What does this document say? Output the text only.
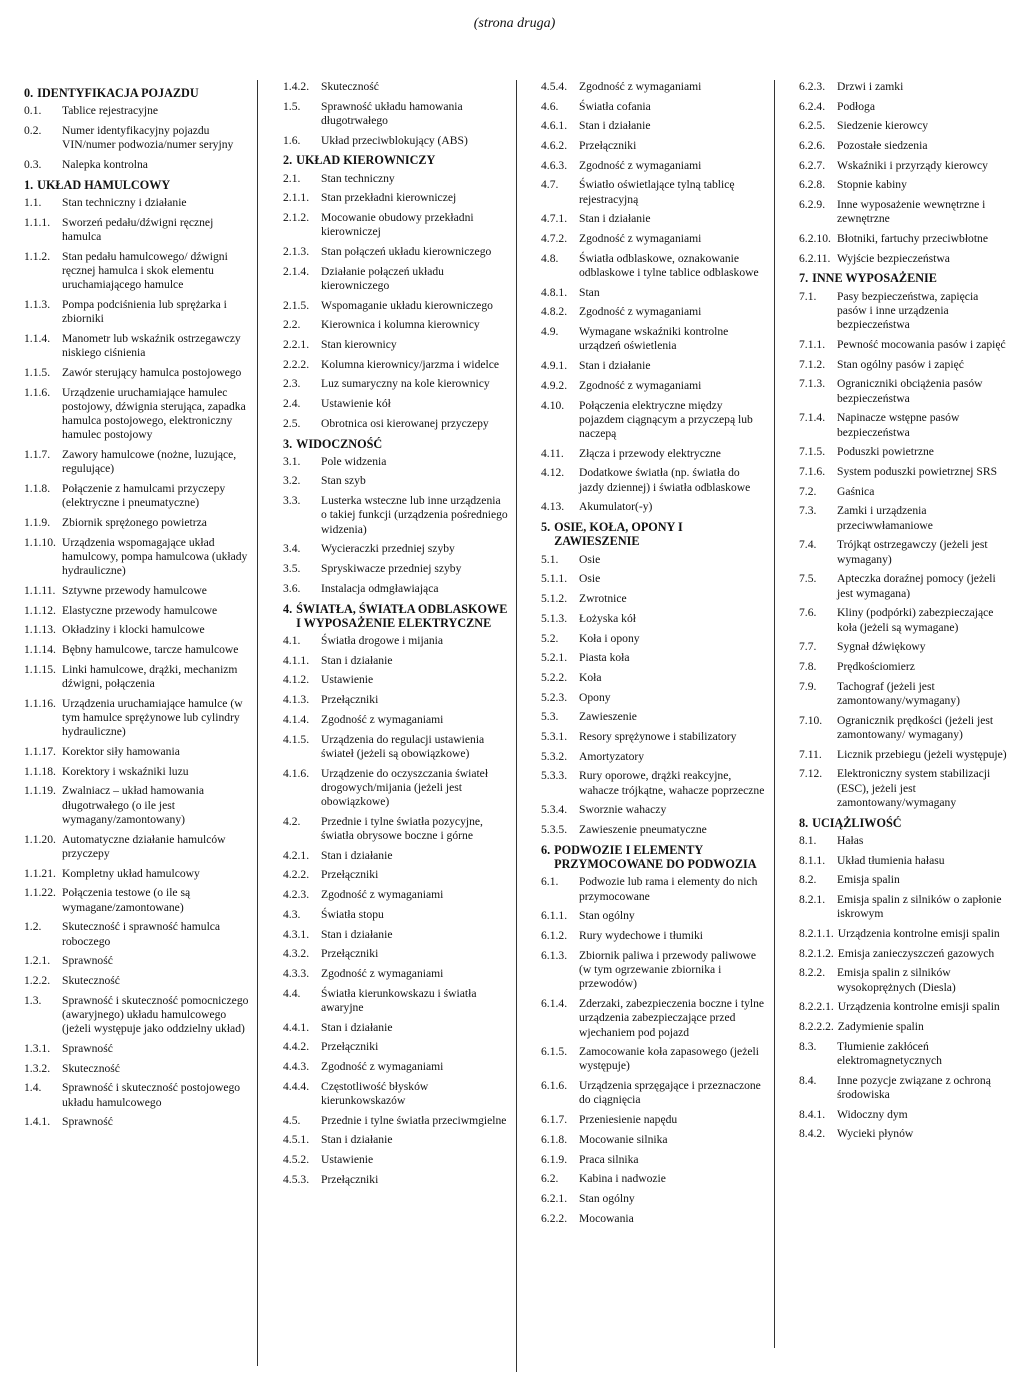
(strona druga)
0. IDENTYFIKACJA POJAZDU
0.1.	Tablice rejestracyjne
0.2.	Numer identyfikacyjny pojazdu VIN/numer podwozia/numer seryjny
0.3.	Nalepka kontrolna
1. UKŁAD HAMULCOWY
1.1.	Stan techniczny i działanie
1.1.1.	Sworzeń pedału/dźwigni ręcznej hamulca
1.1.2.	Stan pedału hamulcowego/ dźwigni ręcznej hamulca i skok elementu uruchamiającego hamulce
1.1.3.	Pompa podciśnienia lub sprężarka i zbiorniki
1.1.4.	Manometr lub wskaźnik ostrzegawczy niskiego ciśnienia
1.1.5.	Zawór sterujący hamulca postojowego
1.1.6.	Urządzenie uruchamiające hamulec postojowy, dźwignia sterująca, zapadka hamulca postojowego, elektroniczny hamulec postojowy
1.1.7.	Zawory hamulcowe (nożne, luzujące, regulujące)
1.1.8.	Połączenie z hamulcami przyczepy (elektryczne i pneumatyczne)
1.1.9.	Zbiornik sprężonego powietrza
1.1.10. Urządzenia wspomagające układ hamulcowy, pompa hamulcowa (układy hydrauliczne)
1.1.11. Sztywne przewody hamulcowe
1.1.12. Elastyczne przewody hamulcowe
1.1.13. Okładziny i klocki hamulcowe
1.1.14. Bębny hamulcowe, tarcze hamulcowe
1.1.15. Linki hamulcowe, drążki, mechanizm dźwigni, połączenia
1.1.16. Urządzenia uruchamiające hamulce (w tym hamulce sprężynowe lub cylindry hydrauliczne)
1.1.17. Korektor siły hamowania
1.1.18. Korektory i wskaźniki luzu
1.1.19. Zwalniacz – układ hamowania długotrwałego (o ile jest wymagany/zamontowany)
1.1.20. Automatyczne działanie hamulców przyczepy
1.1.21. Kompletny układ hamulcowy
1.1.22. Połączenia testowe (o ile są wymagane/zamontowane)
1.2.	Skuteczność i sprawność hamulca roboczego
1.2.1.	Sprawność
1.2.2.	Skuteczność
1.3.	Sprawność i skuteczność pomocniczego (awaryjnego) układu hamulcowego (jeżeli występuje jako oddzielny układ)
1.3.1.	Sprawność
1.3.2.	Skuteczność
1.4.	Sprawność i skuteczność postojowego układu hamulcowego
1.4.1.	Sprawność
1.4.2.	Skuteczność
1.5.	Sprawność układu hamowania długotrwałego
1.6.	Układ przeciwblokujący (ABS)
2. UKŁAD KIEROWNICZY
2.1.	Stan techniczny
2.1.1.	Stan przekładni kierowniczej
2.1.2.	Mocowanie obudowy przekładni kierowniczej
2.1.3.	Stan połączeń układu kierowniczego
2.1.4.	Działanie połączeń układu kierowniczego
2.1.5.	Wspomaganie układu kierowniczego
2.2.	Kierownica i kolumna kierownicy
2.2.1.	Stan kierownicy
2.2.2.	Kolumna kierownicy/jarzma i widelce
2.3.	Luz sumaryczny na kole kierownicy
2.4.	Ustawienie kół
2.5.	Obrotnica osi kierowanej przyczepy
3. WIDOCZNOŚĆ
3.1.	Pole widzenia
3.2.	Stan szyb
3.3.	Lusterka wsteczne lub inne urządzenia o takiej funkcji (urządzenia pośredniego widzenia)
3.4.	Wycieraczki przedniej szyby
3.5.	Spryskiwacze przedniej szyby
3.6.	Instalacja odmgławiająca
4. ŚWIATŁA, ŚWIATŁA ODBLASKOWE I WYPOSAŻENIE ELEKTRYCZNE
4.1.	Światła drogowe i mijania
4.1.1.	Stan i działanie
4.1.2.	Ustawienie
4.1.3.	Przełączniki
4.1.4.	Zgodność z wymaganiami
4.1.5.	Urządzenia do regulacji ustawienia świateł (jeżeli są obowiązkowe)
4.1.6.	Urządzenie do oczyszczania świateł drogowych/mijania (jeżeli jest obowiązkowe)
4.2.	Przednie i tylne światła pozycyjne, światła obrysowe boczne i górne
4.2.1.	Stan i działanie
4.2.2.	Przełączniki
4.2.3.	Zgodność z wymaganiami
4.3.	Światła stopu
4.3.1.	Stan i działanie
4.3.2.	Przełączniki
4.3.3.	Zgodność z wymaganiami
4.4.	Światła kierunkowskazu i światła awaryjne
4.4.1.	Stan i działanie
4.4.2.	Przełączniki
4.4.3.	Zgodność z wymaganiami
4.4.4.	Częstotliwość błysków kierunkowskazów
4.5.	Przednie i tylne światła przeciwmgielne
4.5.1.	Stan i działanie
4.5.2.	Ustawienie
4.5.3.	Przełączniki
4.5.4.	Zgodność z wymaganiami
4.6.	Światła cofania
4.6.1.	Stan i działanie
4.6.2.	Przełączniki
4.6.3.	Zgodność z wymaganiami
4.7.	Światło oświetlające tylną tablicę rejestracyjną
4.7.1.	Stan i działanie
4.7.2.	Zgodność z wymaganiami
4.8.	Światła odblaskowe, oznakowanie odblaskowe i tylne tablice odblaskowe
4.8.1.	Stan
4.8.2.	Zgodność z wymaganiami
4.9.	Wymagane wskaźniki kontrolne urządzeń oświetlenia
4.9.1.	Stan i działanie
4.9.2.	Zgodność z wymaganiami
4.10.	Połączenia elektryczne między pojazdem ciągnącym a przyczepą lub naczepą
4.11.	Złącza i przewody elektryczne
4.12.	Dodatkowe światła (np. światła do jazdy dziennej) i światła odblaskowe
4.13.	Akumulator(-y)
5. OSIE, KOŁA, OPONY I ZAWIESZENIE
5.1.	Osie
5.1.1.	Osie
5.1.2.	Zwrotnice
5.1.3.	Łożyska kół
5.2.	Koła i opony
5.2.1.	Piasta koła
5.2.2.	Koła
5.2.3.	Opony
5.3.	Zawieszenie
5.3.1.	Resory sprężynowe i stabilizatory
5.3.2.	Amortyzatory
5.3.3.	Rury oporowe, drążki reakcyjne, wahacze trójkątne, wahacze poprzeczne
5.3.4.	Sworznie wahaczy
5.3.5.	Zawieszenie pneumatyczne
6. PODWOZIE I ELEMENTY PRZYMOCOWANE DO PODWOZIA
6.1.	Podwozie lub rama i elementy do nich przymocowane
6.1.1.	Stan ogólny
6.1.2.	Rury wydechowe i tłumiki
6.1.3.	Zbiornik paliwa i przewody paliwowe (w tym ogrzewanie zbiornika i przewodów)
6.1.4.	Zderzaki, zabezpieczenia boczne i tylne urządzenia zabezpieczające przed wjechaniem pod pojazd
6.1.5.	Zamocowanie koła zapasowego (jeżeli występuje)
6.1.6.	Urządzenia sprzęgające i przeznaczone do ciągnięcia
6.1.7.	Przeniesienie napędu
6.1.8.	Mocowanie silnika
6.1.9.	Praca silnika
6.2.	Kabina i nadwozie
6.2.1.	Stan ogólny
6.2.2.	Mocowania
6.2.3.	Drzwi i zamki
6.2.4.	Podłoga
6.2.5.	Siedzenie kierowcy
6.2.6.	Pozostałe siedzenia
6.2.7.	Wskaźniki i przyrządy kierowcy
6.2.8.	Stopnie kabiny
6.2.9.	Inne wyposażenie wewnętrzne i zewnętrzne
6.2.10. Błotniki, fartuchy przeciwbłotne
6.2.11. Wyjście bezpieczeństwa
7. INNE WYPOSAŻENIE
7.1.	Pasy bezpieczeństwa, zapięcia pasów i inne urządzenia bezpieczeństwa
7.1.1.	Pewność mocowania pasów i zapięć
7.1.2.	Stan ogólny pasów i zapięć
7.1.3.	Ograniczniki obciążenia pasów bezpieczeństwa
7.1.4.	Napinacze wstępne pasów bezpieczeństwa
7.1.5.	Poduszki powietrzne
7.1.6.	System poduszki powietrznej SRS
7.2.	Gaśnica
7.3.	Zamki i urządzenia przeciwwłamaniowe
7.4.	Trójkąt ostrzegawczy (jeżeli jest wymagany)
7.5.	Apteczka doraźnej pomocy (jeżeli jest wymagana)
7.6.	Kliny (podpórki) zabezpieczające koła (jeżeli są wymagane)
7.7.	Sygnał dźwiękowy
7.8.	Prędkościomierz
7.9.	Tachograf (jeżeli jest zamontowany/wymagany)
7.10.	Ogranicznik prędkości (jeżeli jest zamontowany/ wymagany)
7.11.	Licznik przebiegu (jeżeli występuje)
7.12.	Elektroniczny system stabilizacji (ESC), jeżeli jest zamontowany/wymagany
8. UCIĄŻLIWOŚĆ
8.1.	Hałas
8.1.1.	Układ tłumienia hałasu
8.2.	Emisja spalin
8.2.1.	Emisja spalin z silników o zapłonie iskrowym
8.2.1.1. Urządzenia kontrolne emisji spalin
8.2.1.2. Emisja zanieczyszczeń gazowych
8.2.2.	Emisja spalin z silników wysokoprężnych (Diesla)
8.2.2.1. Urządzenia kontrolne emisji spalin
8.2.2.2. Zadymienie spalin
8.3.	Tłumienie zakłóceń elektromagnetycznych
8.4.	Inne pozycje związane z ochroną środowiska
8.4.1.	Widoczny dym
8.4.2.	Wycieki płynów
